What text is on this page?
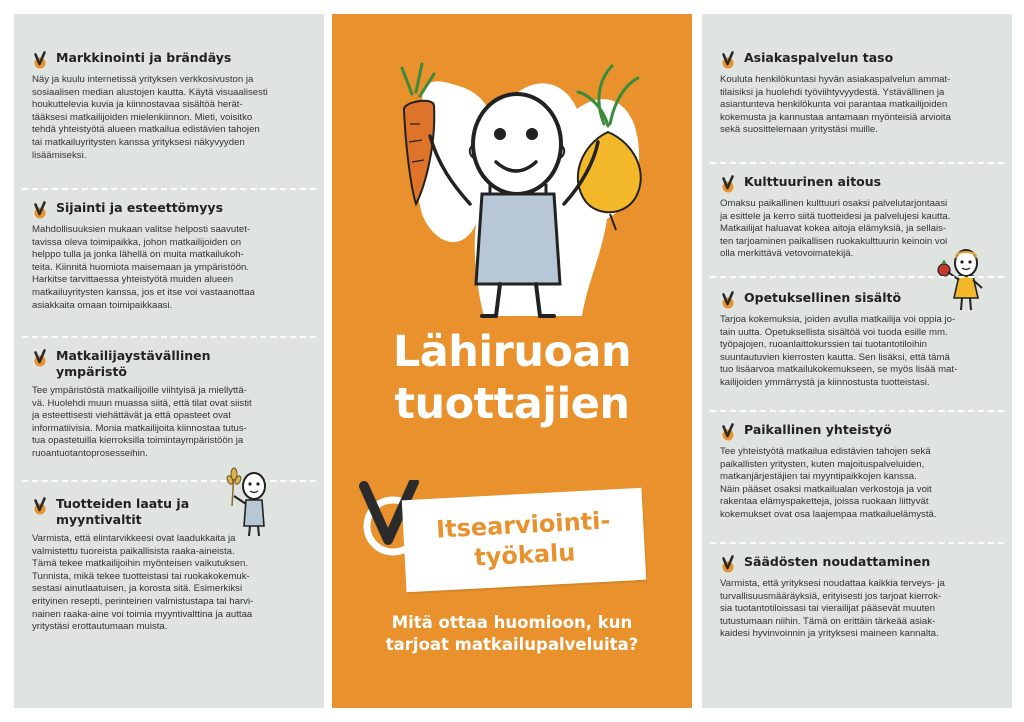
Markkinointi ja brändäys
Näy ja kuulu internetissä yrityksen verkkosivuston ja
sosiaalisen median alustojen kautta. Käytä visuaalisesti
houkuttelevia kuvia ja kiinnostavaa sisältöä herät-
tääksesi matkailijoiden mielenkiinnon. Mieti, voisitko
tehdä yhteistyötä alueen matkailua edistävien tahojen
tai matkailuyritysten kanssa yrityksesi näkyvyyden
lisäämiseksi.
Sijainti ja esteettömyys
Mahdollisuuksien mukaan valitse helposti saavutet-
tavissa oleva toimipaikka, johon matkailijoiden on
helppo tulla ja jonka lähellä on muita matkailukoh-
teita. Kiinnitä huomiota maisemaan ja ympäristöön.
Harkitse tarvittaessa yhteistyötä muiden alueen
matkailuyritysten kanssa, jos et itse voi vastaanottaa
asiakkaita omaan toimipaikkaasi.
Matkailijaystävällinen
ympäristö
Tee ympäristöstä matkailijoille viihtyisä ja miellyttä-
vä. Huolehdi muun muassa siitä, että tilat ovat siistit
ja esteettisesti viehättävät ja että opasteet ovat
informatiivisia. Monia matkailijoita kiinnostaa tutus-
tua opastetuilla kierroksilla toimintaympäristöön ja
ruoantuotantoprosesseihin.
Tuotteiden laatu ja
myyntivaltit
Varmista, että elintarvikkeesi ovat laadukkaita ja
valmistettu tuoreista paikallisista raaka-aineista.
Tämä tekee matkailijoihin myönteisen vaikutuksen.
Tunnista, mikä tekee tuotteistasi tai ruokakokemuk-
sestasi ainutlaatuisen, ja korosta sitä. Esimerkiksi
erityinen resepti, perinteinen valmistustapa tai harvi-
nainen raaka-aine voi toimia myyntivalttina ja auttaa
yritystäsi erottautumaan muista.
Lähiruoan
tuottajien
Itsearviointi-
työkalu
Mitä ottaa huomioon, kun
tarjoat matkailupalveluita?
Asiakaspalvelun taso
Kouluta henkilökuntasi hyvän asiakaspalvelun ammat-
tilaisiksi ja huolehdi työviihtyvyydestä. Ystävällinen ja
asiantunteva henkilökunta voi parantaa matkailijoiden
kokemusta ja kannustaa antamaan myönteisiä arvioita
sekä suosittelemaan yritystäsi muille.
Kulttuurinen aitous
Omaksu paikallinen kulttuuri osaksi palvelutarjontaasi
ja esittele ja kerro siitä tuotteidesi ja palvelujesi kautta.
Matkailijat haluavat kokea aitoja elämyksiä, ja sellais-
ten tarjoaminen paikallisen ruokakulttuurin keinoin voi
olla merkittävä vetovoimatekijä.
Opetuksellinen sisältö
Tarjoa kokemuksia, joiden avulla matkailija voi oppia jo-
tain uutta. Opetuksellista sisältöä voi tuoda esille mm.
työpajojen, ruoanlaittokurssien tai tuotantotiloihin
suuntautuvien kierrosten kautta. Sen lisäksi, että tämä
tuo lisäarvoa matkailukokemukseen, se myös lisää mat-
kailijoiden ymmärrystä ja kiinnostusta tuotteistasi.
Paikallinen yhteistyö
Tee yhteistyötä matkailua edistävien tahojen sekä
paikallisten yritysten, kuten majoituspalveluiden,
matkanjärjestäjien tai myyntipaikkojen kanssa.
Näin pääset osaksi matkailualan verkostoja ja voit
rakentaa elämyspaketteja, joissa ruokaan liittyvät
kokemukset ovat osa laajempaa matkailuelämystä.
Säädösten noudattaminen
Varmista, että yrityksesi noudattaa kaikkia terveys- ja
turvallisuusmääräyksiä, erityisesti jos tarjoat kierrok-
sia tuotantotiloissasi tai vierailijat pääsevät muuten
tutustumaan niihin. Tämä on erittäin tärkeää asiak-
kaidesi hyvinvoinnin ja yrityksesi maineen kannalta.
